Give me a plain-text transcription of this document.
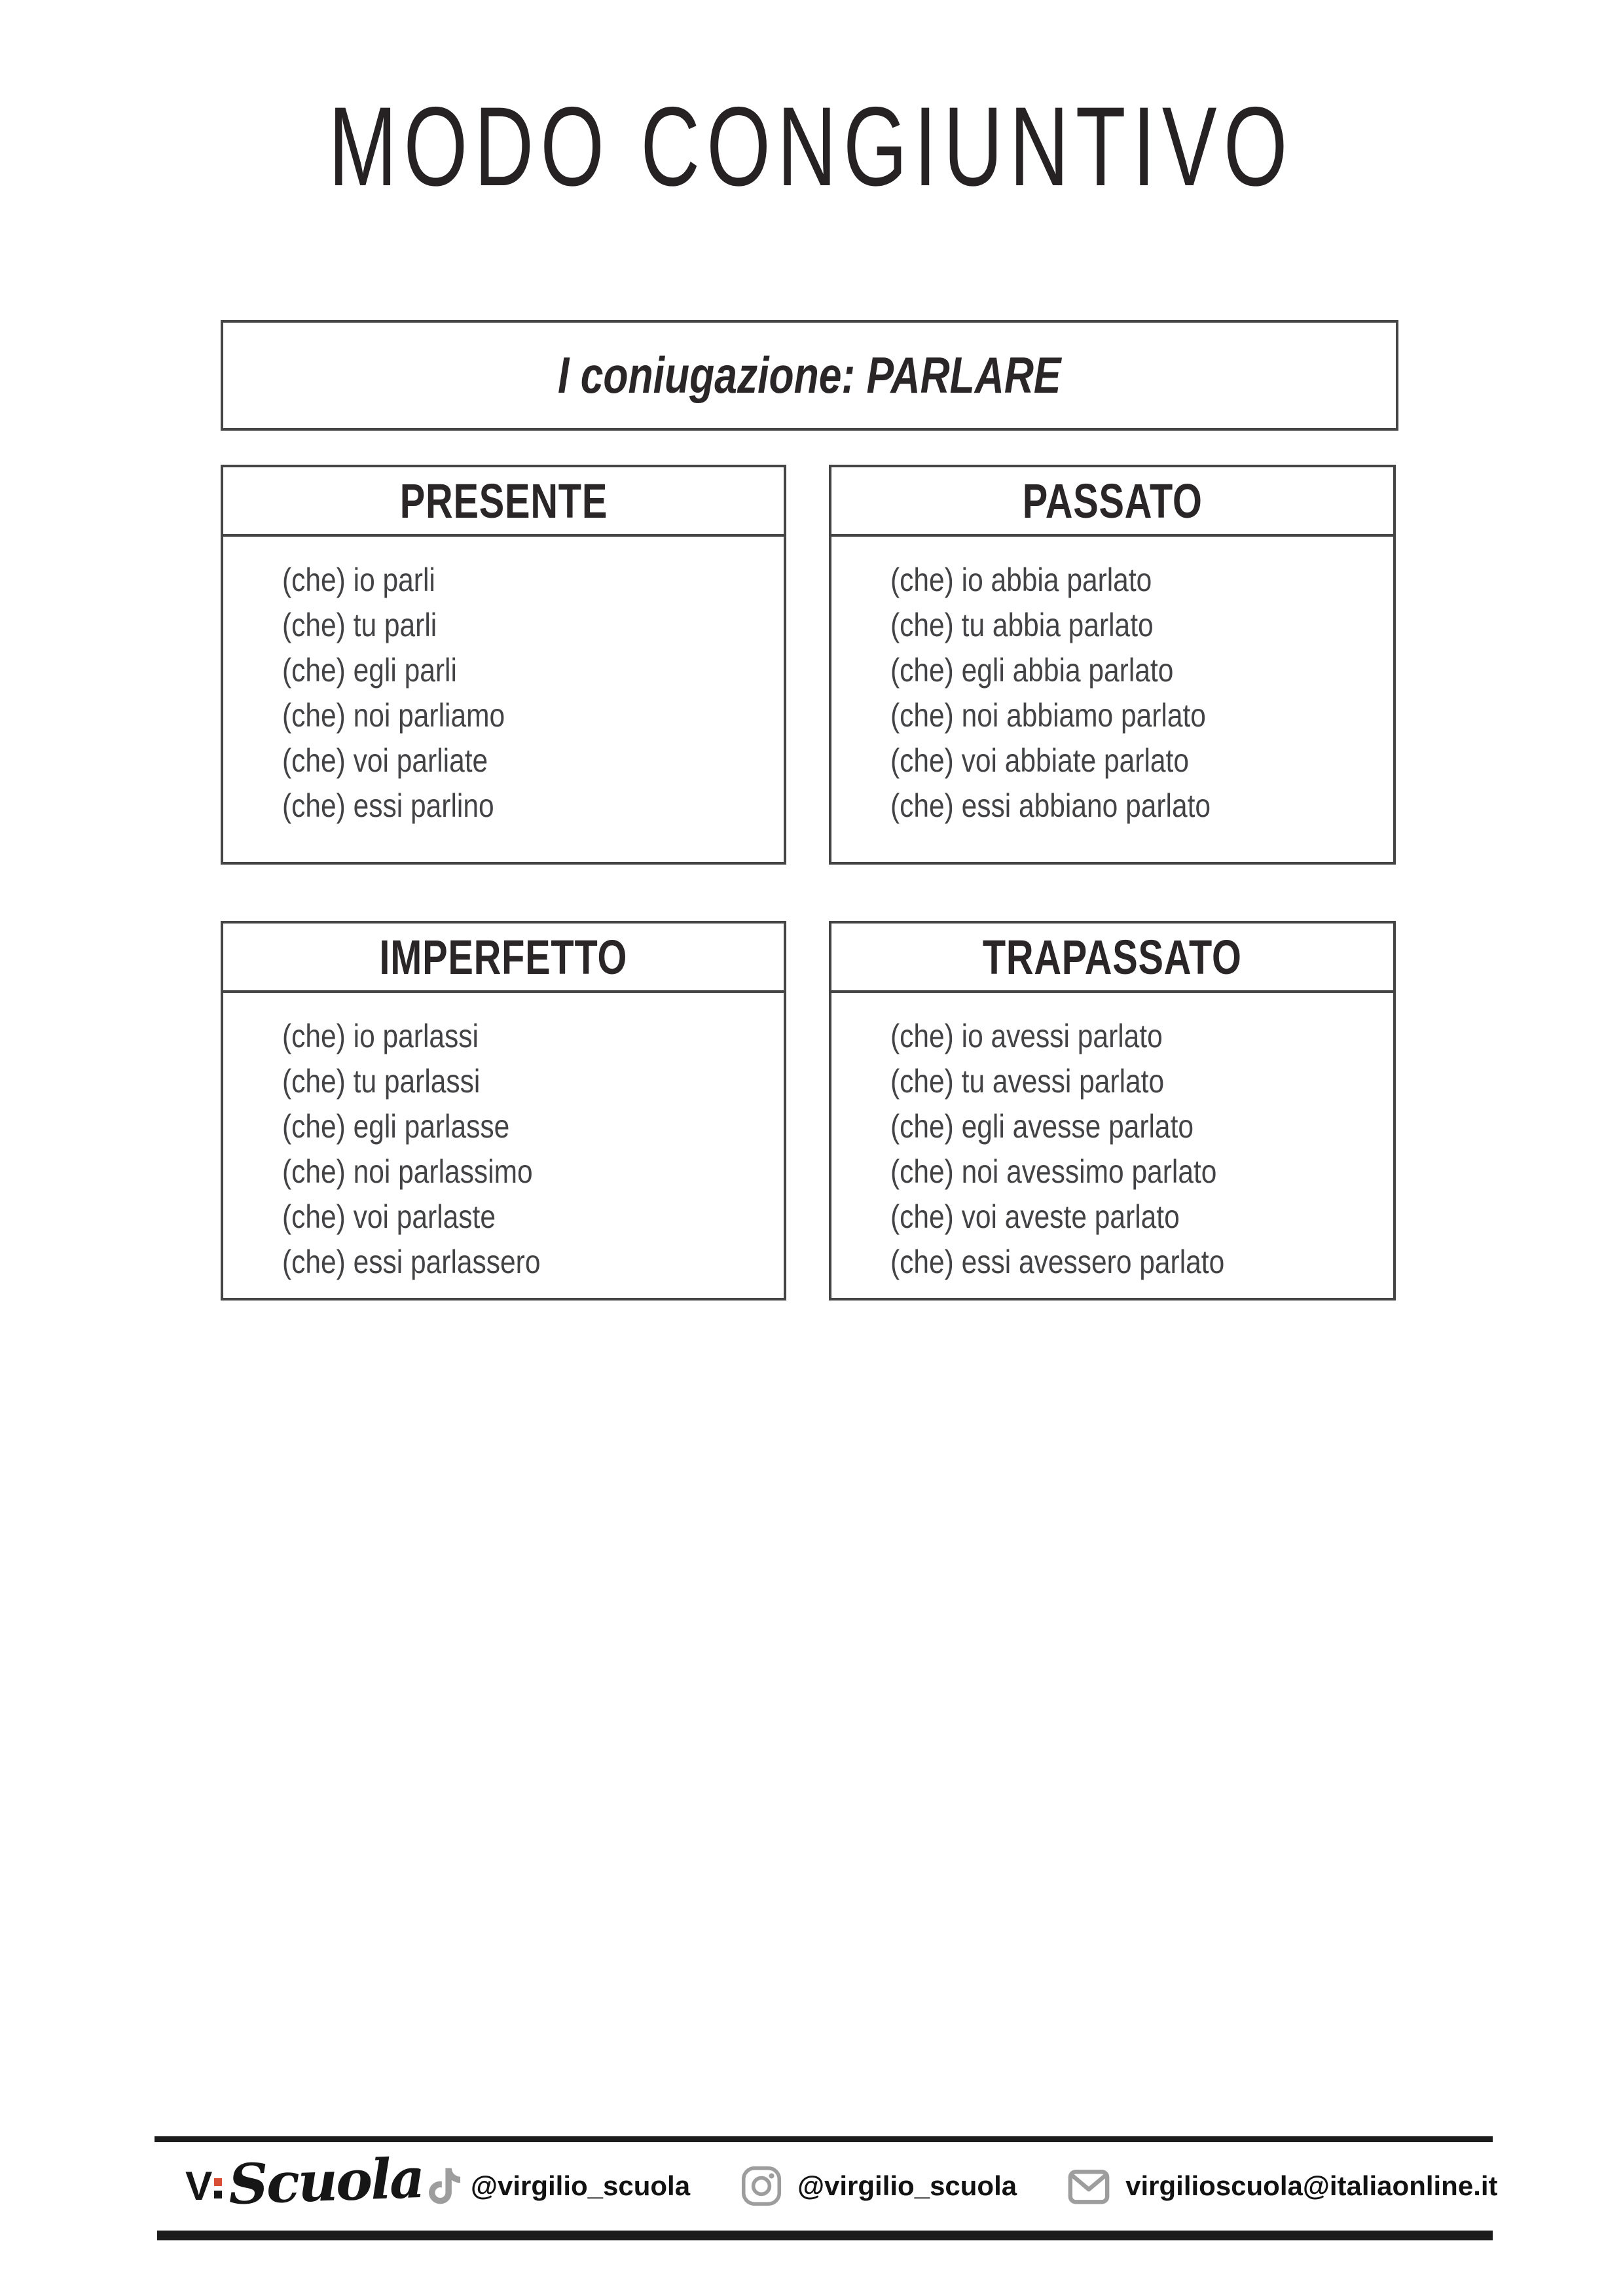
MODO CONGIUNTIVO
I coniugazione: PARLARE
PRESENTE
(che) io parli
(che) tu parli
(che) egli parli
(che) noi parliamo
(che) voi parliate
(che) essi parlino
PASSATO
(che) io abbia parlato
(che) tu abbia parlato
(che) egli abbia parlato
(che) noi abbiamo parlato
(che) voi abbiate parlato
(che) essi abbiano parlato
IMPERFETTO
(che) io parlassi
(che) tu parlassi
(che) egli parlasse
(che) noi parlassimo
(che) voi parlaste
(che) essi parlassero
TRAPASSATO
(che) io avessi parlato
(che) tu avessi parlato
(che) egli avesse parlato
(che) noi avessimo parlato
(che) voi aveste parlato
(che) essi avessero parlato
V Scuola @virgilio_scuola	@virgilio_scuola	virgilioscuola@italiaonline.it
